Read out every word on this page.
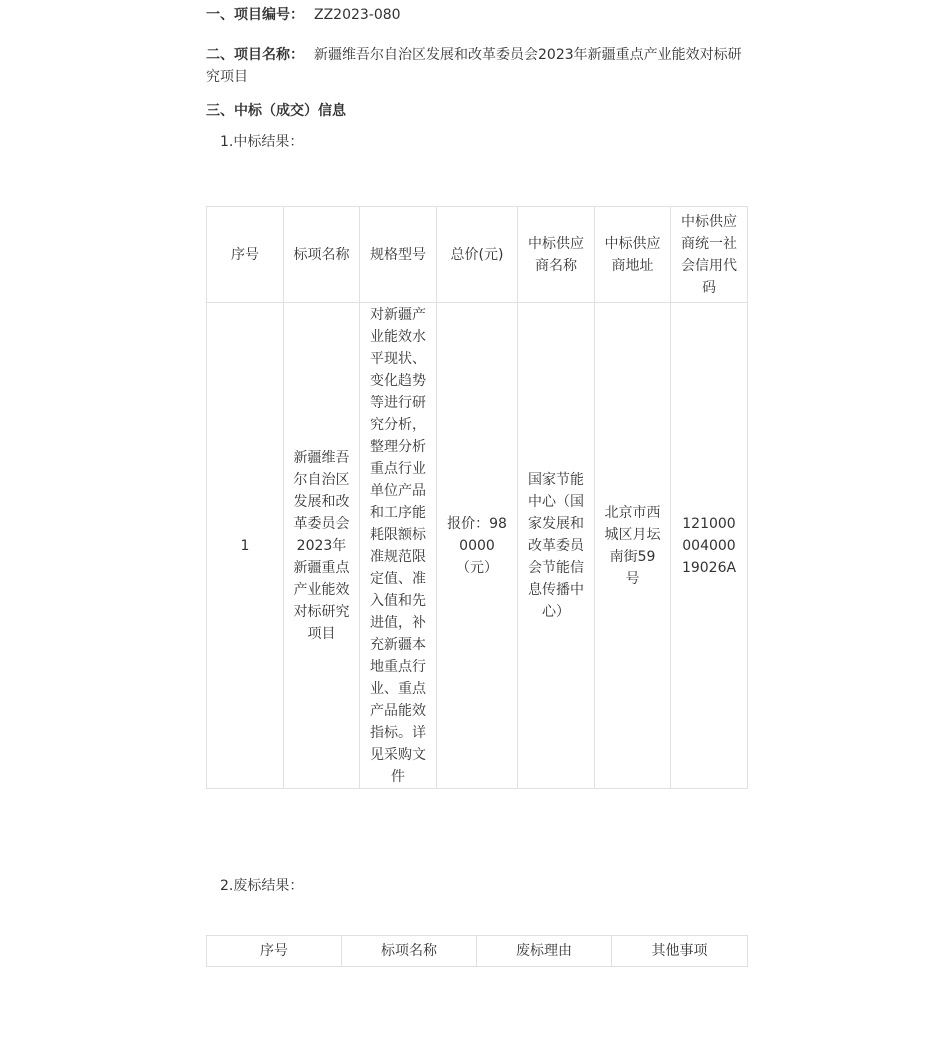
一、项目编号： ZZ2023-080
二、项目名称： 新疆维吾尔自治区发展和改革委员会2023年新疆重点产业能效对标研究项目
三、中标（成交）信息
1.中标结果：
序号	标项名称	规格型号	总价(元)	中标供应商名称	中标供应商地址	中标供应商统一社会信用代码
1	新疆维吾尔自治区发展和改革委员会2023年新疆重点产业能效对标研究项目	对新疆产业能效水平现状、变化趋势等进行研究分析，整理分析重点行业单位产品和工序能耗限额标准规范限定值、准入值和先进值，补充新疆本地重点行业、重点产品能效指标。详见采购文件	报价：980000（元）	国家节能中心（国家发展和改革委员会节能信息传播中心）	北京市西城区月坛南街59号	12100000400019026A
2.废标结果：
序号	标项名称	废标理由	其他事项
